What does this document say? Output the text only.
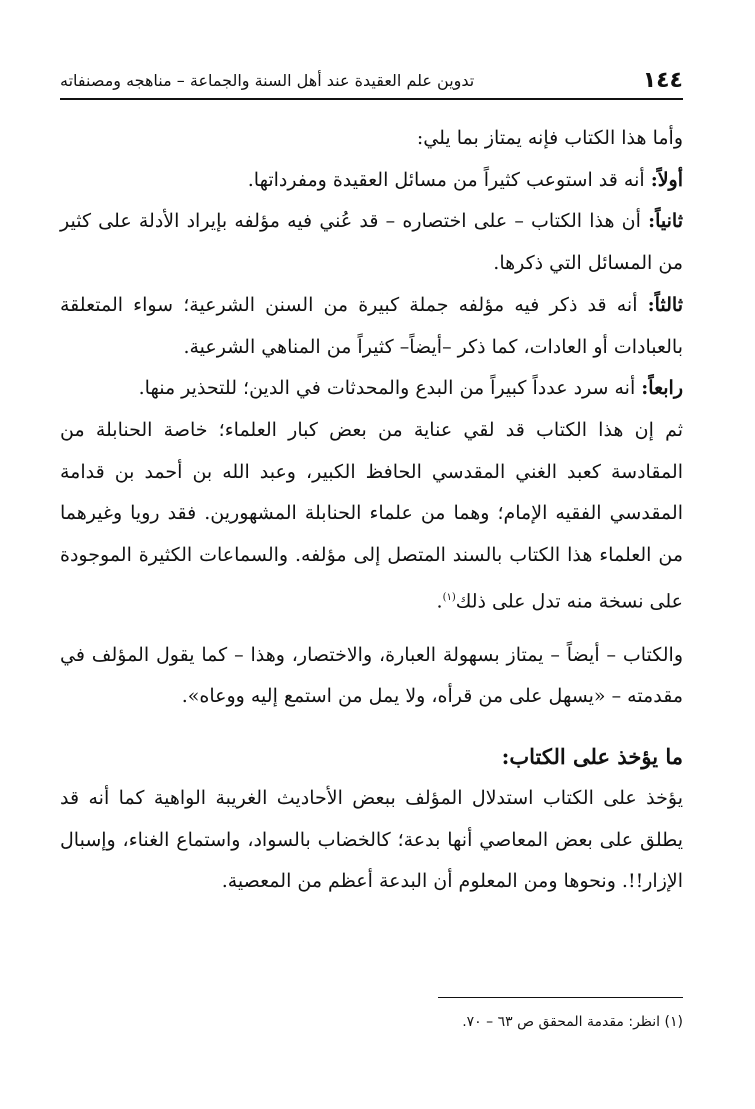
١٤٤
تدوين علم العقيدة عند أهل السنة والجماعة – مناهجه ومصنفاته

وأما هذا الكتاب فإنه يمتاز بما يلي:

أولاً: أنه قد استوعب كثيراً من مسائل العقيدة ومفرداتها.

ثانياً: أن هذا الكتاب – على اختصاره – قد عُني فيه مؤلفه بإيراد الأدلة على كثير من المسائل التي ذكرها.

ثالثاً: أنه قد ذكر فيه مؤلفه جملة كبيرة من السنن الشرعية؛ سواء المتعلقة بالعبادات أو العادات، كما ذكر –أيضاً– كثيراً من المناهي الشرعية.

رابعاً: أنه سرد عدداً كبيراً من البدع والمحدثات في الدين؛ للتحذير منها.

ثم إن هذا الكتاب قد لقي عناية من بعض كبار العلماء؛ خاصة الحنابلة من المقادسة كعبد الغني المقدسي الحافظ الكبير، وعبد الله بن أحمد بن قدامة المقدسي الفقيه الإمام؛ وهما من علماء الحنابلة المشهورين. فقد رويا وغيرهما من العلماء هذا الكتاب بالسند المتصل إلى مؤلفه. والسماعات الكثيرة الموجودة على نسخة منه تدل على ذلك$^{(١)}$.

والكتاب – أيضاً – يمتاز بسهولة العبارة، والاختصار، وهذا – كما يقول المؤلف في مقدمته – «يسهل على من قرأه، ولا يمل من استمع إليه ووعاه».

ما يؤخذ على الكتاب:

يؤخذ على الكتاب استدلال المؤلف ببعض الأحاديث الغريبة الواهية كما أنه قد يطلق على بعض المعاصي أنها بدعة؛ كالخضاب بالسواد، واستماع الغناء، وإسبال الإزار!!. ونحوها ومن المعلوم أن البدعة أعظم من المعصية.

(١) انظر: مقدمة المحقق ص ٦٣ – ٧٠.
